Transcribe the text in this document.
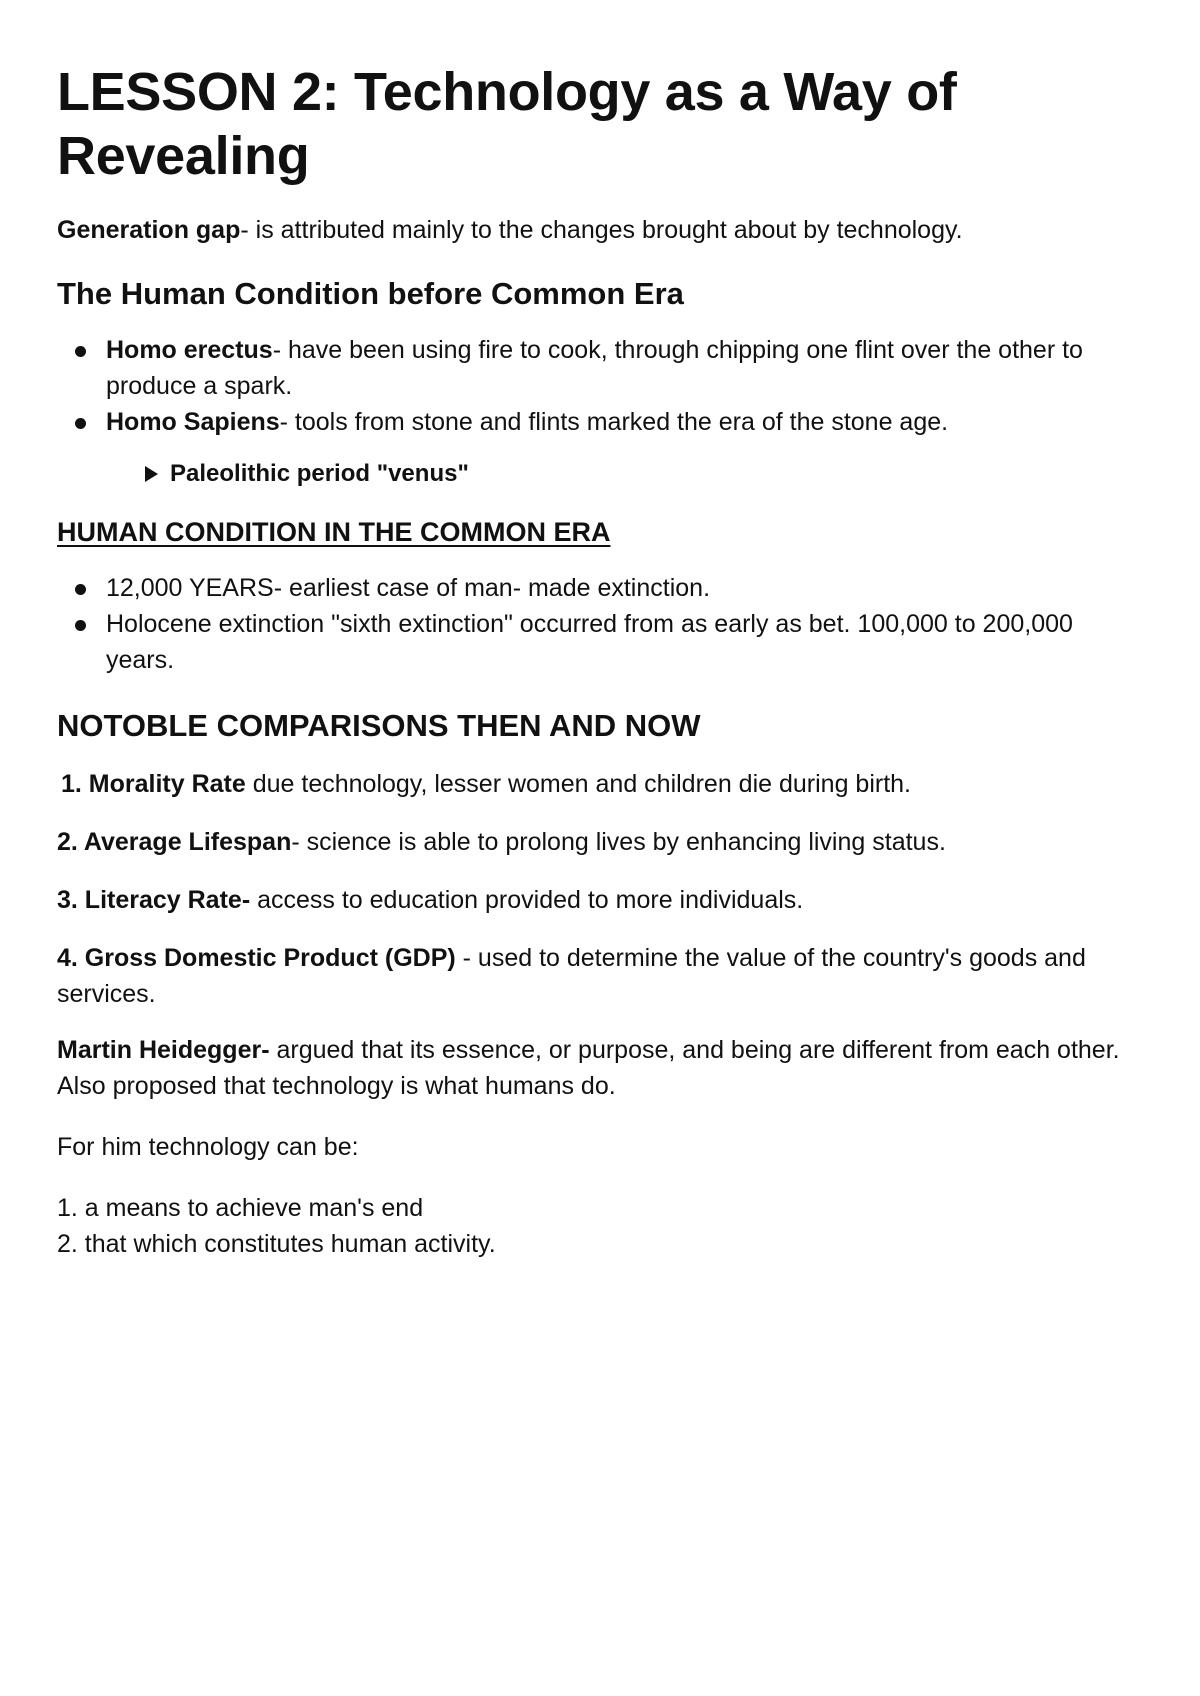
LESSON 2: Technology as a Way of Revealing

Generation gap- is attributed mainly to the changes brought about by technology.

The Human Condition before Common Era
Homo erectus- have been using fire to cook, through chipping one flint over the other to produce a spark.
Homo Sapiens- tools from stone and flints marked the era of the stone age.
Paleolithic period "venus"
HUMAN CONDITION IN THE COMMON ERA
12,000 YEARS- earliest case of man- made extinction.
Holocene extinction "sixth extinction" occurred from as early as bet. 100,000 to 200,000 years.
NOTOBLE COMPARISONS THEN AND NOW

1. Morality Rate due technology, lesser women and children die during birth.

2. Average Lifespan- science is able to prolong lives by enhancing living status.

3. Literacy Rate- access to education provided to more individuals.

4. Gross Domestic Product (GDP) - used to determine the value of the country's goods and services.

Martin Heidegger- argued that its essence, or purpose, and being are different from each other. Also proposed that technology is what humans do.

For him technology can be:

1. a means to achieve man's end
2. that which constitutes human activity.
